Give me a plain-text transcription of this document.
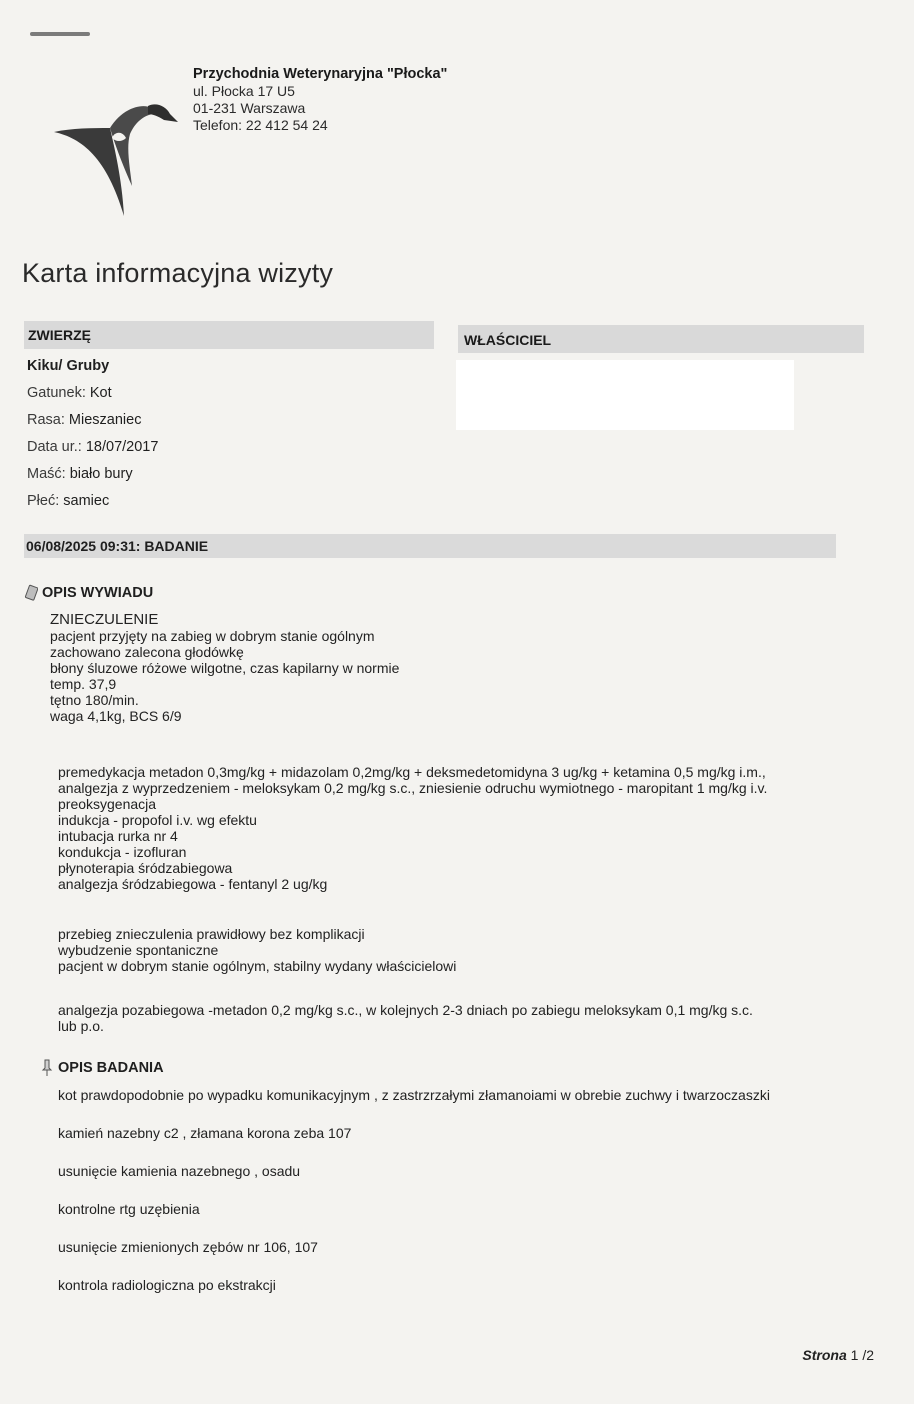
Przychodnia Weterynaryjna "Płocka"
ul. Płocka 17 U5
01-231 Warszawa
Telefon: 22 412 54 24
Karta informacyjna wizyty
ZWIERZĘ	WŁAŚCICIEL
Kiku/ Gruby
Gatunek: Kot
Rasa: Mieszaniec
Data ur.: 18/07/2017
Maść: biało bury
Płeć: samiec
06/08/2025 09:31: BADANIE
OPIS WYWIADU
ZNIECZULENIE
pacjent przyjęty na zabieg w dobrym stanie ogólnym
zachowano zalecona głodówkę
błony śluzowe różowe wilgotne, czas kapilarny w normie
temp. 37,9
tętno 180/min.
waga 4,1kg, BCS 6/9
premedykacja metadon 0,3mg/kg + midazolam 0,2mg/kg + deksmedetomidyna 3 ug/kg + ketamina 0,5 mg/kg i.m.,
analgezja z wyprzedzeniem - meloksykam 0,2 mg/kg s.c., zniesienie odruchu wymiotnego - maropitant 1 mg/kg i.v.
preoksygenacja
indukcja - propofol i.v. wg efektu
intubacja rurka nr 4
kondukcja - izofluran
płynoterapia śródzabiegowa
analgezja śródzabiegowa - fentanyl 2 ug/kg
przebieg znieczulenia prawidłowy bez komplikacji
wybudzenie spontaniczne
pacjent w dobrym stanie ogólnym, stabilny wydany właścicielowi
analgezja pozabiegowa -metadon 0,2 mg/kg s.c., w kolejnych 2-3 dniach po zabiegu meloksykam 0,1 mg/kg s.c.
lub p.o.
OPIS BADANIA
kot prawdopodobnie po wypadku komunikacyjnym , z zastrzrzałymi złamanoiami w obrebie zuchwy i twarzoczaszki
kamień nazebny c2 , złamana korona zeba 107
usunięcie kamienia nazebnego , osadu
kontrolne rtg uzębienia
usunięcie zmienionych zębów nr 106, 107
kontrola radiologiczna po ekstrakcji
Strona 1 /2
